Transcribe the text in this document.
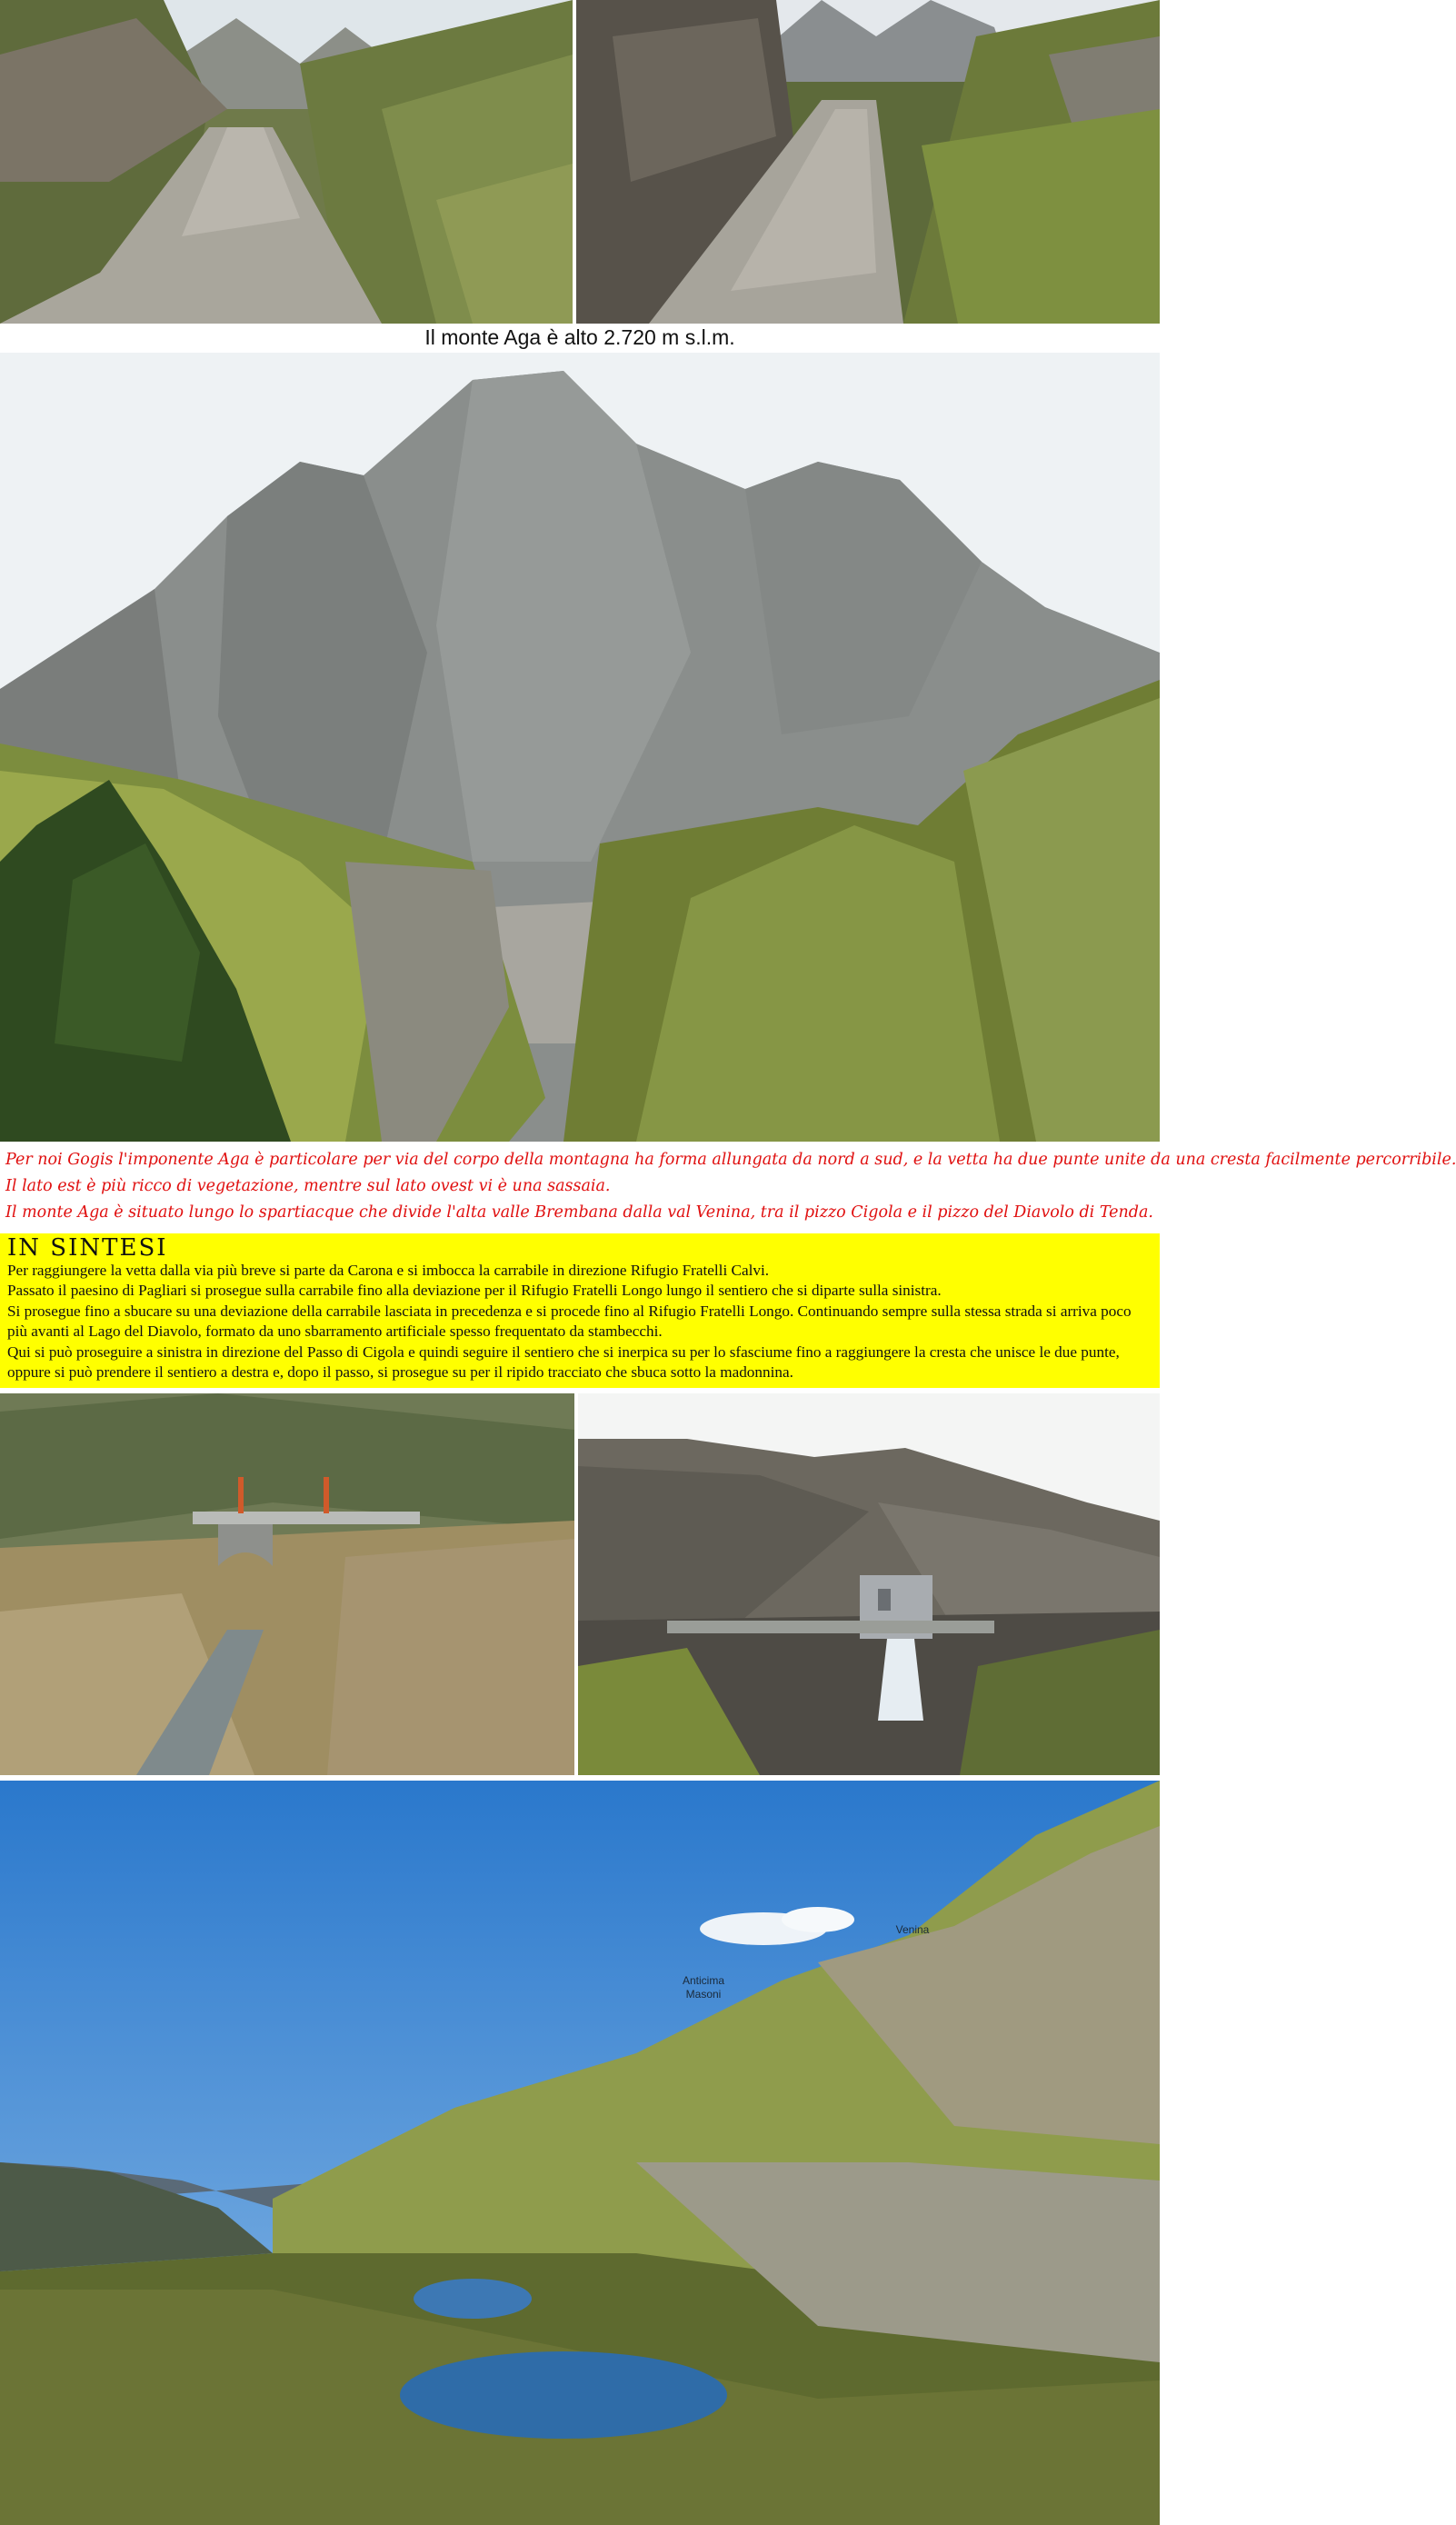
Il monte Aga è alto 2.720 m s.l.m.

Per noi Gogis l'imponente Aga è particolare per via del corpo della montagna ha forma allungata da nord a sud, e la vetta ha due punte unite da una cresta facilmente percorribile.

Il lato est è più ricco di vegetazione, mentre sul lato ovest vi è una sassaia.

Il monte Aga è situato lungo lo spartiacque che divide l'alta valle Brembana dalla val Venina, tra il pizzo Cigola e il pizzo del Diavolo di Tenda.

IN SINTESI

Per raggiungere la vetta dalla via più breve si parte da Carona e si imbocca la carrabile in direzione Rifugio Fratelli Calvi.

Passato il paesino di Pagliari si prosegue sulla carrabile fino alla deviazione per il Rifugio Fratelli Longo lungo il sentiero che si diparte sulla sinistra.

Si prosegue fino a sbucare su una deviazione della carrabile lasciata in precedenza e si procede fino al Rifugio Fratelli Longo. Continuando sempre sulla stessa strada si arriva poco più avanti al Lago del Diavolo, formato da uno sbarramento artificiale spesso frequentato da stambecchi.

Qui si può proseguire a sinistra in direzione del Passo di Cigola e quindi seguire il sentiero che si inerpica su per lo sfasciume fino a raggiungere la cresta che unisce le due punte, oppure si può prendere il sentiero a destra e, dopo il passo, si prosegue su per il ripido tracciato che sbuca sotto la madonnina.

Anticima Masoni
Venina
